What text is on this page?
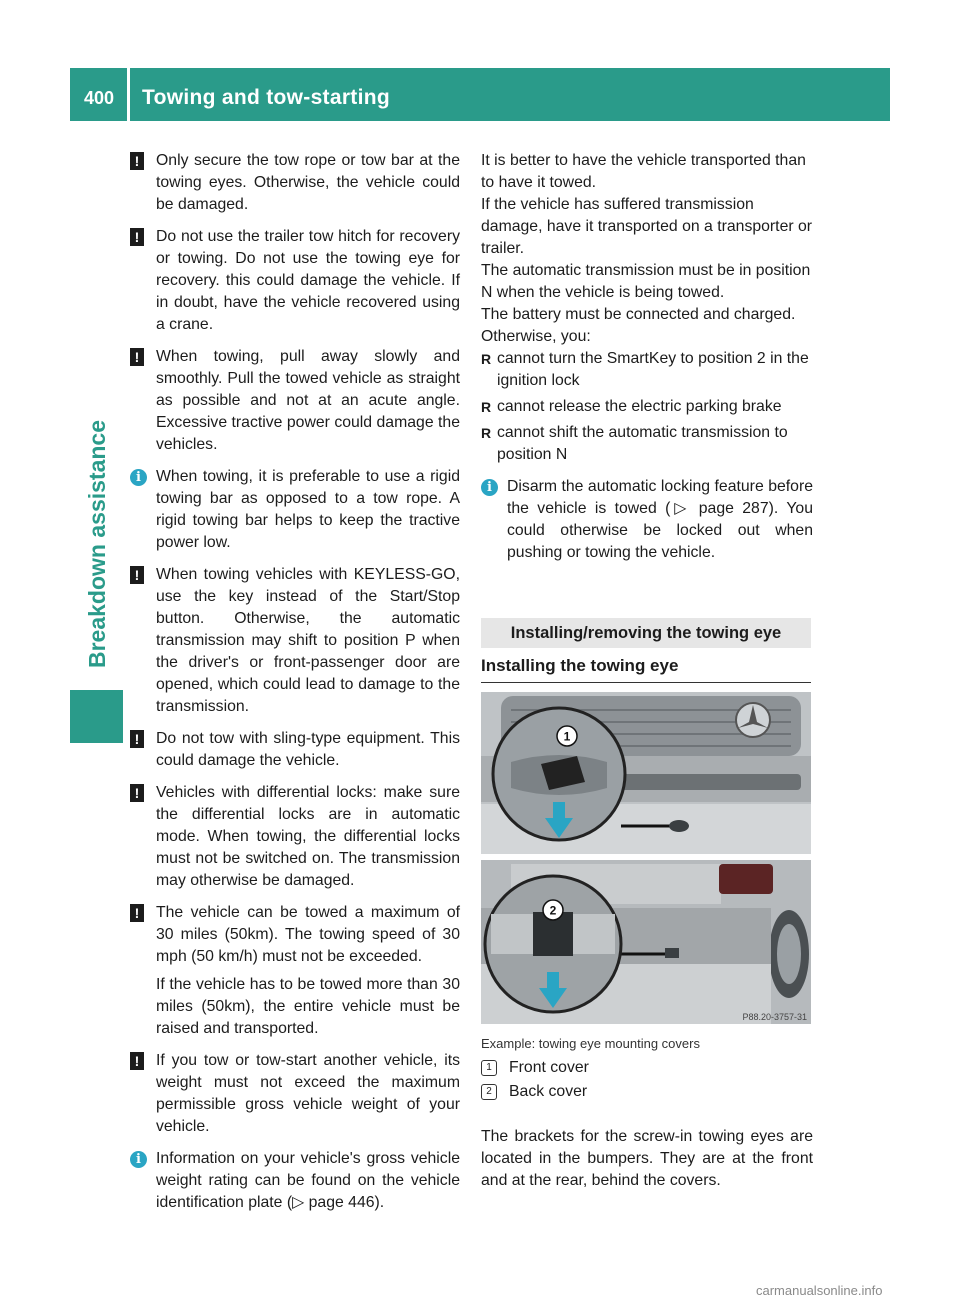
400 Towing and tow-starting
Breakdown assistance
! Only secure the tow rope or tow bar at the towing eyes. Otherwise, the vehicle could be damaged.

! Do not use the trailer tow hitch for recovery or towing. Do not use the towing eye for recovery. this could damage the vehicle. If in doubt, have the vehicle recovered using a crane.

! When towing, pull away slowly and smoothly. Pull the towed vehicle as straight as possible and not at an acute angle. Excessive tractive power could damage the vehicles.

i When towing, it is preferable to use a rigid towing bar as opposed to a tow rope. A rigid towing bar helps to keep the tractive power low.

! When towing vehicles with KEYLESS-GO, use the key instead of the Start/Stop button. Otherwise, the automatic transmission may shift to position P when the driver's or front-passenger door are opened, which could lead to damage to the transmission.

! Do not tow with sling-type equipment. This could damage the vehicle.

! Vehicles with differential locks: make sure the differential locks are in automatic mode. When towing, the differential locks must not be switched on. The transmission may otherwise be damaged.

! The vehicle can be towed a maximum of 30 miles (50km). The towing speed of 30 mph (50 km/h) must not be exceeded.

If the vehicle has to be towed more than 30 miles (50km), the entire vehicle must be raised and transported.

! If you tow or tow-start another vehicle, its weight must not exceed the maximum permissible gross vehicle weight of your vehicle.

i Information on your vehicle's gross vehicle weight rating can be found on the vehicle identification plate (▷ page 446).

It is better to have the vehicle transported than to have it towed.

If the vehicle has suffered transmission damage, have it transported on a transporter or trailer.

The automatic transmission must be in position N when the vehicle is being towed.

The battery must be connected and charged. Otherwise, you:

R cannot turn the SmartKey to position 2 in the ignition lock
R cannot release the electric parking brake
R cannot shift the automatic transmission to position N
i Disarm the automatic locking feature before the vehicle is towed (▷ page 287). You could otherwise be locked out when pushing or towing the vehicle.

Installing/removing the towing eye
Installing the towing eye
1
2
P88.20-3757-31
Example: towing eye mounting covers
1	Front cover
2	Back cover

The brackets for the screw-in towing eyes are located in the bumpers. They are at the front and at the rear, behind the covers.

carmanualsonline.info
